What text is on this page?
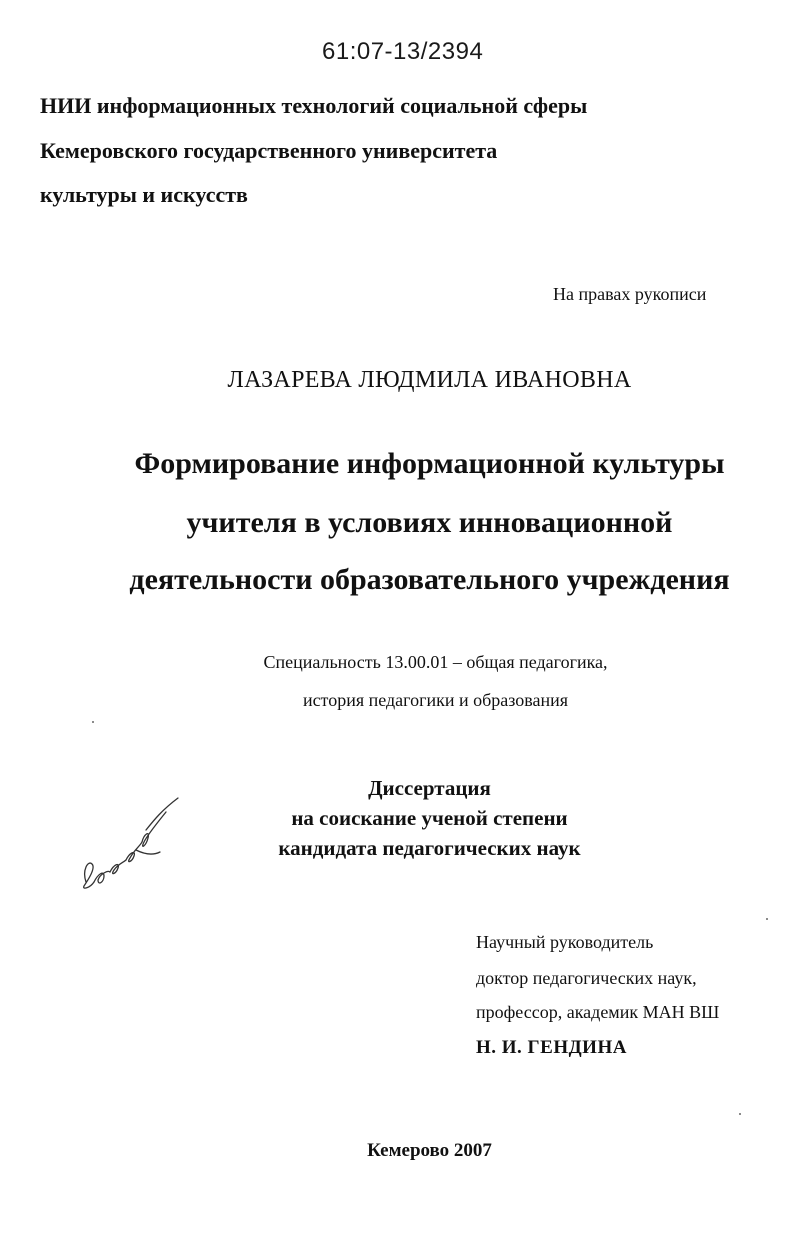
61:07-13/2394
НИИ информационных технологий социальной сферы
Кемеровского государственного университета
культуры и искусств
На правах рукописи
ЛАЗАРЕВА ЛЮДМИЛА ИВАНОВНА
Формирование информационной культуры
учителя в условиях инновационной
деятельности образовательного учреждения
Специальность 13.00.01 – общая педагогика,
история педагогики и образования
Диссертация
на соискание ученой степени
кандидата педагогических наук
Научный руководитель
доктор педагогических наук,
профессор, академик МАН ВШ
Н. И. ГЕНДИНА
Кемерово 2007
